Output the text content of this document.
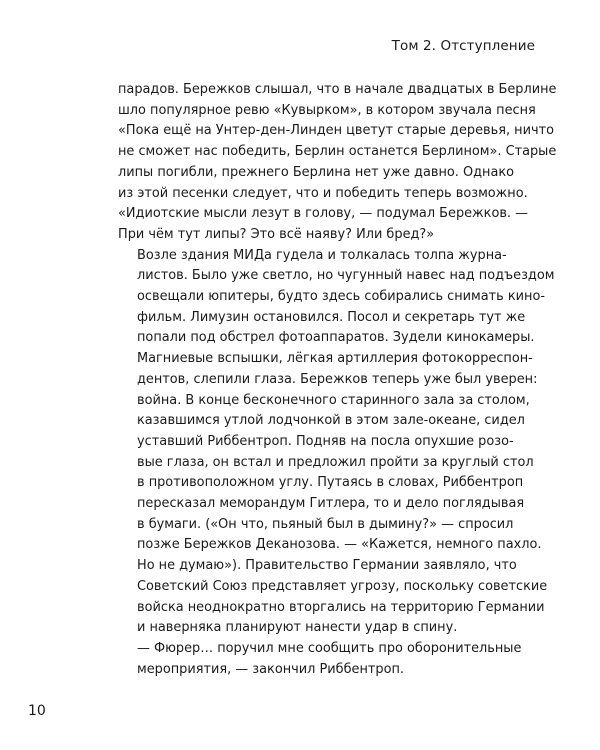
Том 2. Отступление

парадов. Бережков слышал, что в начале двадцатых в Берлине
шло популярное ревю «Кувырком», в котором звучала песня
«Пока ещё на Унтер-ден-Линден цветут старые деревья, ничто
не сможет нас победить, Берлин останется Берлином». Старые
липы погибли, прежнего Берлина нет уже давно. Однако
из этой песенки следует, что и победить теперь возможно.
«Идиотские мысли лезут в голову, — подумал Бережков. —
При чём тут липы? Это всё наяву? Или бред?»

Возле здания МИДа гудела и толкалась толпа журна-
листов. Было уже светло, но чугунный навес над подъездом
освещали юпитеры, будто здесь собирались снимать кино-
фильм. Лимузин остановился. Посол и секретарь тут же
попали под обстрел фотоаппаратов. Зудели кинокамеры.
Магниевые вспышки, лёгкая артиллерия фотокорреспон-
дентов, слепили глаза. Бережков теперь уже был уверен:
война. В конце бесконечного старинного зала за столом,
казавшимся утлой лодчонкой в этом зале-океане, сидел
уставший Риббентроп. Подняв на посла опухшие розо-
вые глаза, он встал и предложил пройти за круглый стол
в противоположном углу. Путаясь в словах, Риббентроп
пересказал меморандум Гитлера, то и дело поглядывая
в бумаги. («Он что, пьяный был в дымину?» — спросил
позже Бережков Деканозова. — «Кажется, немного пахло.
Но не думаю»). Правительство Германии заявляло, что
Советский Союз представляет угрозу, поскольку советские
войска неоднократно вторгались на территорию Германии
и наверняка планируют нанести удар в спину.

— Фюрер… поручил мне сообщить про оборонительные
мероприятия, — закончил Риббентроп.

10
